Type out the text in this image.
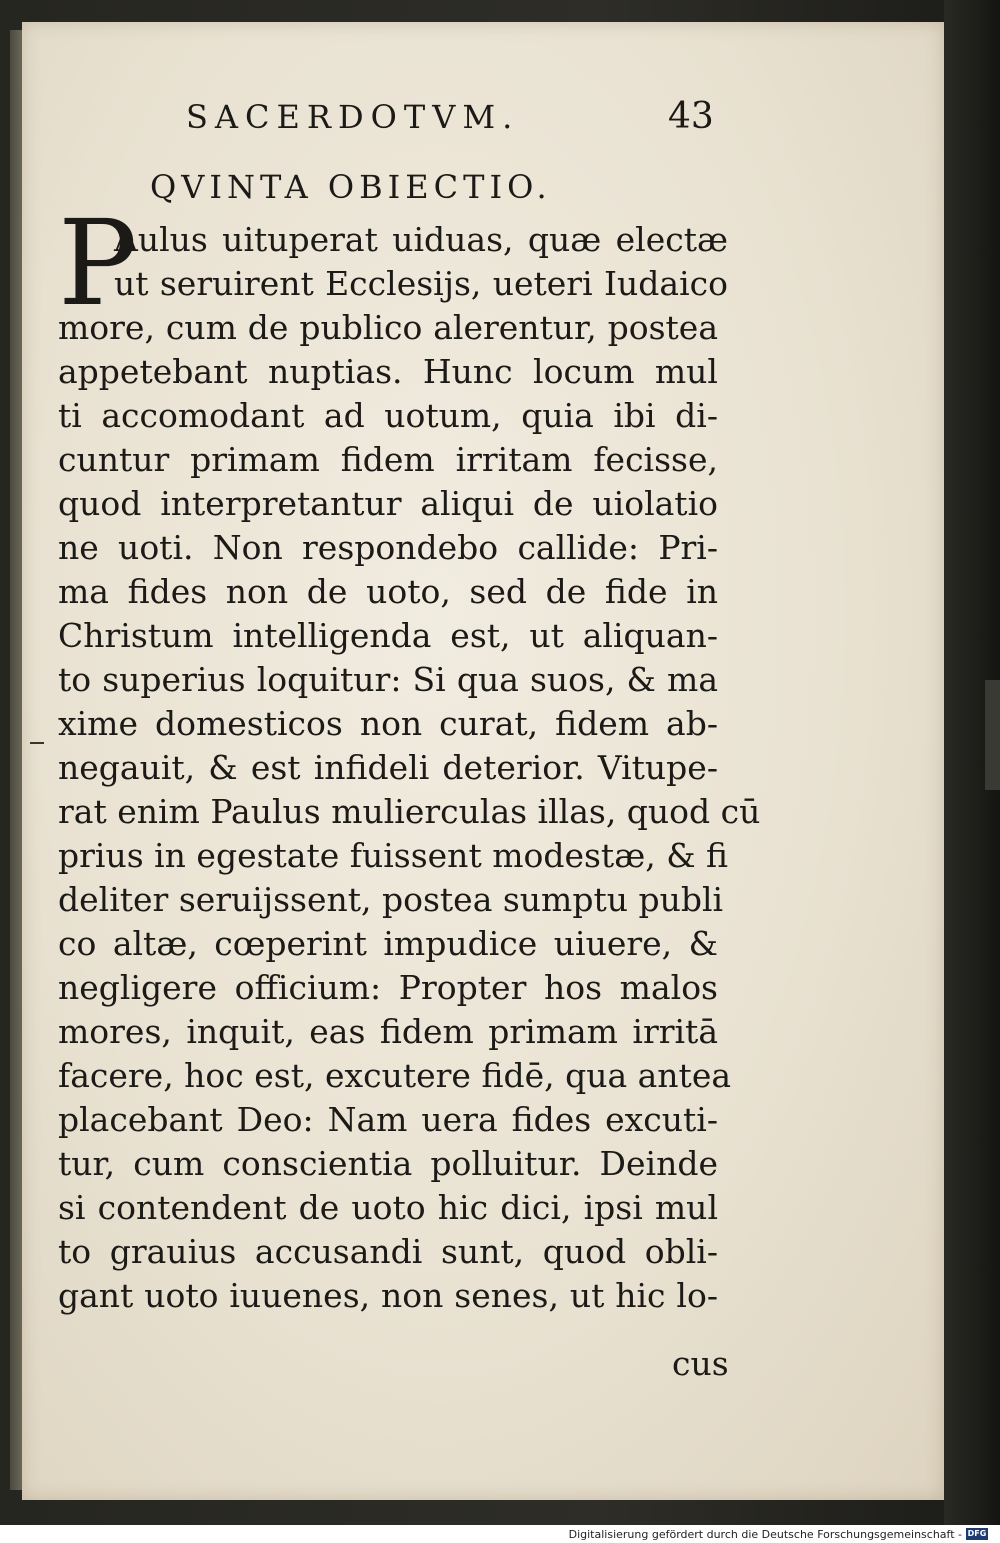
SACERDOTVM.	43
QVINTA OBIECTIO.
P
Aulus uituperat uiduas, quæ electæ
ut seruirent Ecclesijs, ueteri Iudaico
more, cum de publico alerentur, postea
appetebant nuptias. Hunc locum mul
ti accomodant ad uotum, quia ibi di-
cuntur primam fidem irritam fecisse,
quod interpretantur aliqui de uiolatio
ne uoti. Non respondebo callide: Pri-
ma fides non de uoto, sed de fide in
Christum intelligenda est, ut aliquan-
to superius loquitur: Si qua suos, & ma
xime domesticos non curat, fidem ab-
negauit, & est infideli deterior. Vitupe-
rat enim Paulus mulierculas illas, quod cū
prius in egestate fuissent modestæ, & fi
deliter seruijssent, postea sumptu publi
co altæ, cœperint impudice uiuere, &
negligere officium: Propter hos malos
mores, inquit, eas fidem primam irritā
facere, hoc est, excutere fidē, qua antea
placebant Deo: Nam uera fides excuti-
tur, cum conscientia polluitur. Deinde
si contendent de uoto hic dici, ipsi mul
to grauius accusandi sunt, quod obli-
gant uoto iuuenes, non senes, ut hic lo-
cus
Digitalisierung gefördert durch die Deutsche Forschungsgemeinschaft - DFG
